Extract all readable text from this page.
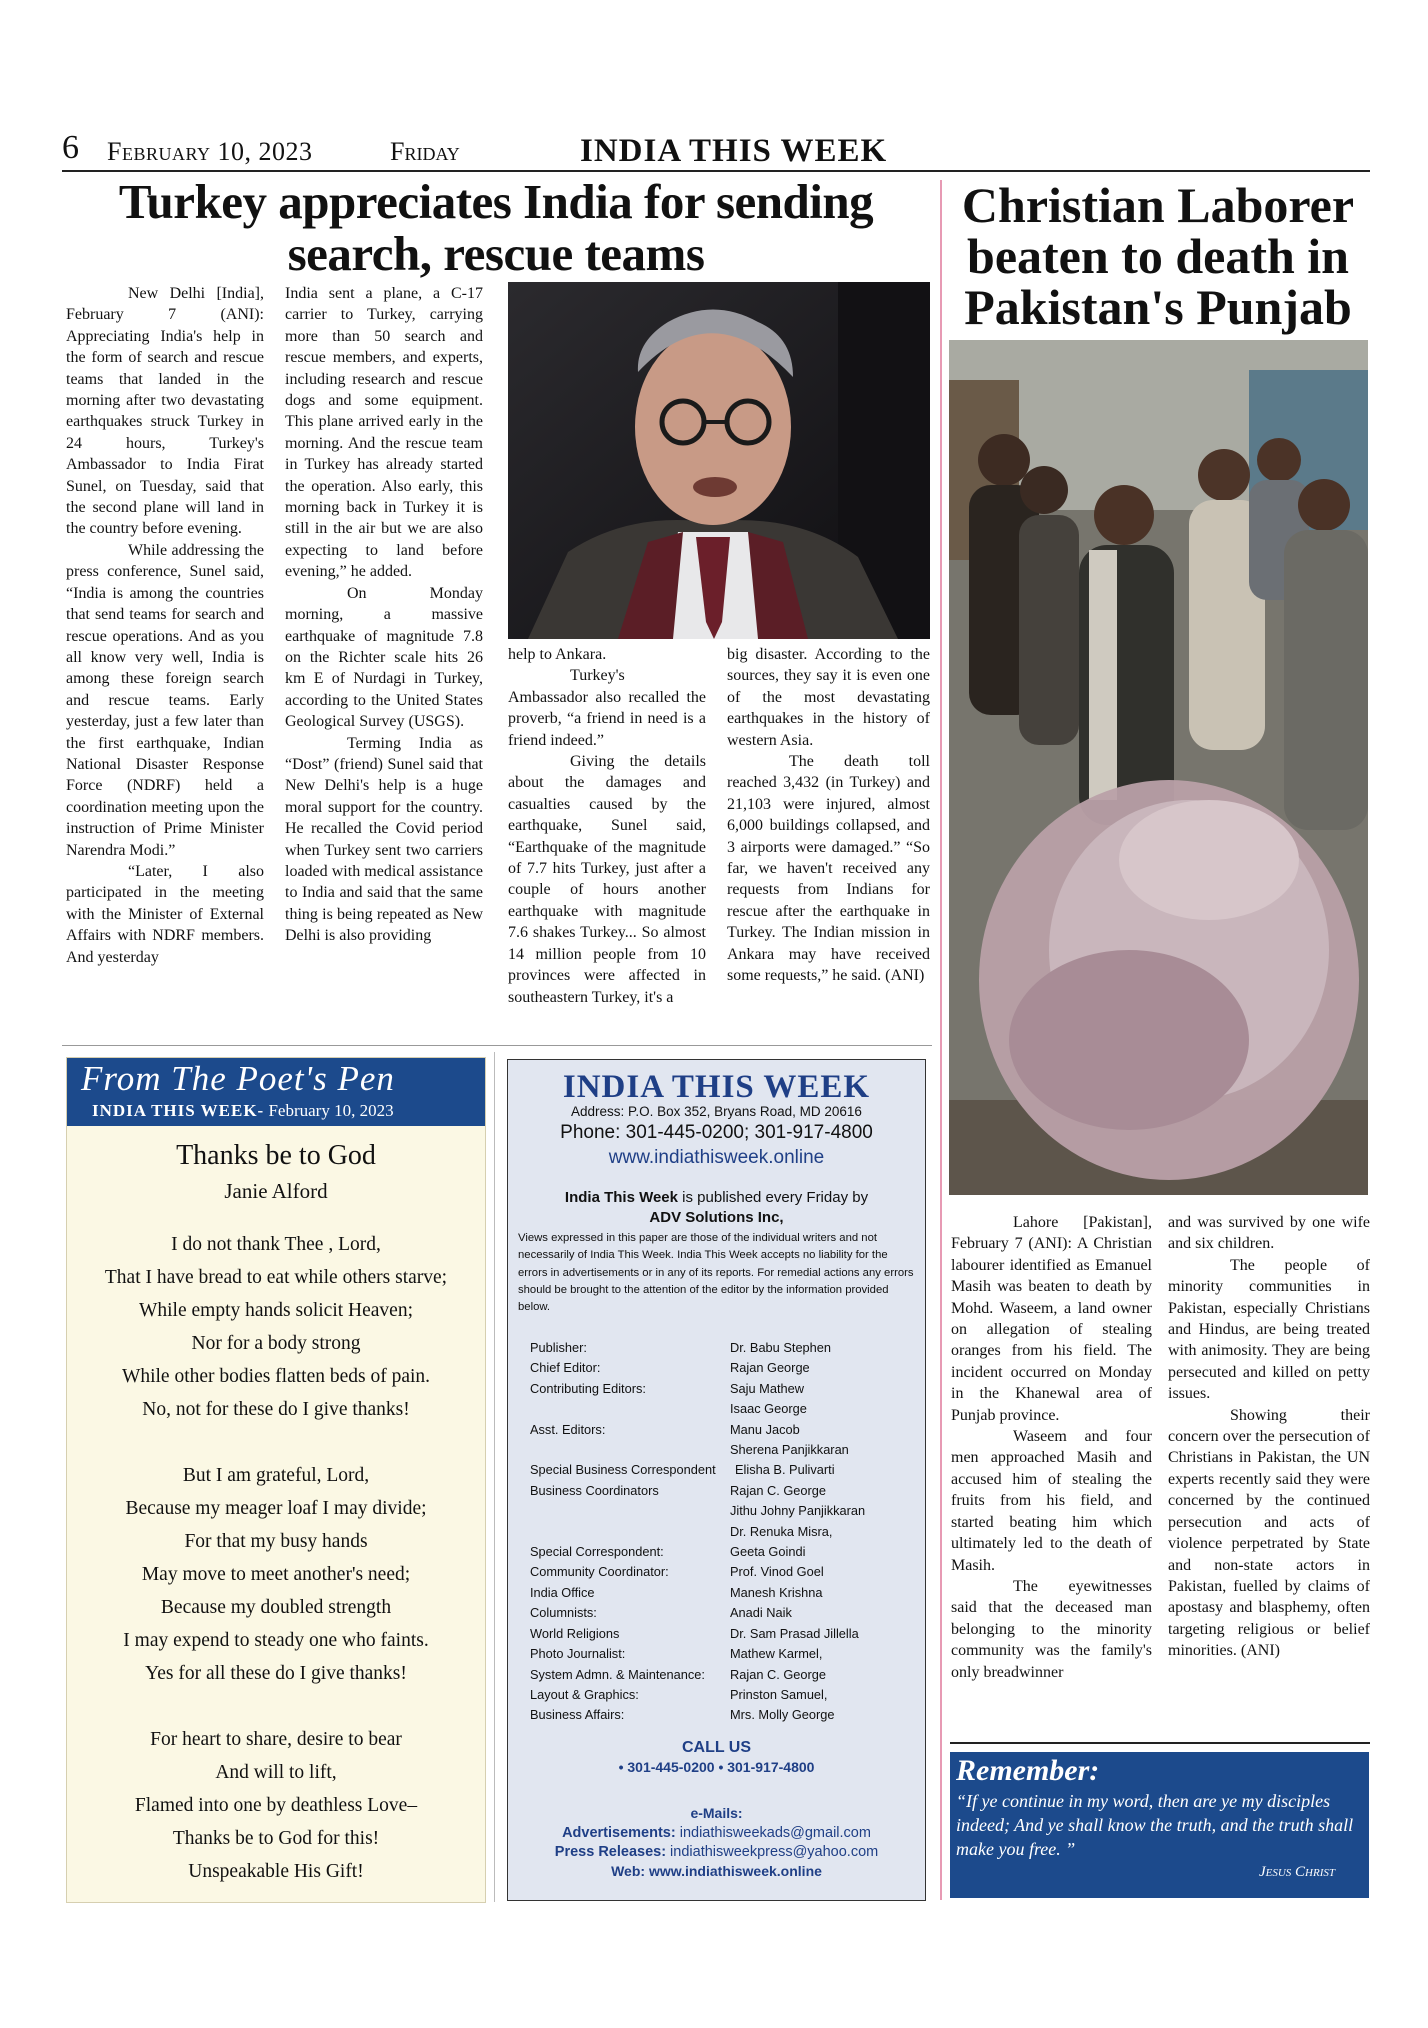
6 February 10, 2023	Friday	INDIA THIS WEEK
Turkey appreciates India for sending
search, rescue teams

New Delhi [India], February 7 (ANI): Appreciating India's help in the form of search and rescue teams that landed in the morning after two devastating earthquakes struck Turkey in 24 hours, Turkey's Ambassador to India Firat Sunel, on Tuesday, said that the second plane will land in the country before evening.

While addressing the press conference, Sunel said, “India is among the countries that send teams for search and rescue operations. And as you all know very well, India is among these foreign search and rescue teams. Early yesterday, just a few later than the first earthquake, Indian National Disaster Response Force (NDRF) held a coordination meeting upon the instruction of Prime Minister Narendra Modi.”

“Later, I also participated in the meeting with the Minister of External Affairs with NDRF members. And yesterday

India sent a plane, a C-17 carrier to Turkey, carrying more than 50 search and rescue members, and experts, including research and rescue dogs and some equipment. This plane arrived early in the morning. And the rescue team in Turkey has already started the operation. Also early, this morning back in Turkey it is still in the air but we are also expecting to land before evening,” he added.

On Monday morning, a massive earthquake of magnitude 7.8 on the Richter scale hits 26 km E of Nurdagi in Turkey, according to the United States Geological Survey (USGS).

Terming India as “Dost” (friend) Sunel said that New Delhi's help is a huge moral support for the country. He recalled the Covid period when Turkey sent two carriers loaded with medical assistance to India and said that the same thing is being repeated as New Delhi is also providing

help to Ankara.

Turkey's Ambassador also recalled the proverb, “a friend in need is a friend indeed.”

Giving the details about the damages and casualties caused by the earthquake, Sunel said, “Earthquake of the magnitude of 7.7 hits Turkey, just after a couple of hours another earthquake with magnitude 7.6 shakes Turkey... So almost 14 million people from 10 provinces were affected in southeastern Turkey, it's a

big disaster. According to the sources, they say it is even one of the most devastating earthquakes in the history of western Asia.

The death toll reached 3,432 (in Turkey) and 21,103 were injured, almost 6,000 buildings collapsed, and 3 airports were damaged.” “So far, we haven't received any requests from Indians for rescue after the earthquake in Turkey. The Indian mission in Ankara may have received some requests,” he said. (ANI)

Christian Laborer
beaten to death in
Pakistan's Punjab

Lahore [Pakistan], February 7 (ANI): A Christian labourer identified as Emanuel Masih was beaten to death by Mohd. Waseem, a land owner on allegation of stealing oranges from his field. The incident occurred on Monday in the Khanewal area of Punjab province.

Waseem and four men approached Masih and accused him of stealing the fruits from his field, and started beating him which ultimately led to the death of Masih.

The eyewitnesses said that the deceased man belonging to the minority community was the family's only breadwinner

and was survived by one wife and six children.

The people of minority communities in Pakistan, especially Christians and Hindus, are being treated with animosity. They are being persecuted and killed on petty issues.

Showing their concern over the persecution of Christians in Pakistan, the UN experts recently said they were concerned by the continued persecution and acts of violence perpetrated by State and non-state actors in Pakistan, fuelled by claims of apostasy and blasphemy, often targeting religious or belief minorities. (ANI)

Remember:
“If ye continue in my word, then are ye my disciples indeed; And ye shall know the truth, and the truth shall make you free. ”
Jesus Christ
From The Poet's Pen
INDIA THIS WEEK- February 10, 2023
Thanks be to God
Janie Alford

I do not thank Thee , Lord,

That I have bread to eat while others starve;

While empty hands solicit Heaven;

Nor for a body strong

While other bodies flatten beds of pain.

No, not for these do I give thanks!

But I am grateful, Lord,

Because my meager loaf I may divide;

For that my busy hands

May move to meet another's need;

Because my doubled strength

I may expend to steady one who faints.

Yes for all these do I give thanks!

For heart to share, desire to bear

And will to lift,

Flamed into one by deathless Love–

Thanks be to God for this!

Unspeakable His Gift!

INDIA THIS WEEK
Address: P.O. Box 352, Bryans Road, MD 20616
Phone: 301-445-0200; 301-917-4800
www.indiathisweek.online
India This Week is published every Friday by
ADV Solutions Inc,
Views expressed in this paper are those of the individual writers and not necessarily of India This Week. India This Week accepts no liability for the errors in advertisements or in any of its reports. For remedial actions any errors should be brought to the attention of the editor by the information provided below.
Publisher:	Dr. Babu Stephen
Chief Editor:	Rajan George
Contributing Editors:	Saju Mathew
Isaac George
Asst. Editors:	Manu Jacob
Sherena Panjikkaran
Special Business Correspondent	Elisha B. Pulivarti
Business Coordinators	Rajan C. George
Jithu Johny Panjikkaran
Dr. Renuka Misra,
Special Correspondent:	Geeta Goindi
Community Coordinator:	Prof. Vinod Goel
India Office	Manesh Krishna
Columnists:	Anadi Naik
World Religions	Dr. Sam Prasad Jillella
Photo Journalist:	Mathew Karmel,
System Admn. & Maintenance:	Rajan C. George
Layout & Graphics:	Prinston Samuel,
Business Affairs:	Mrs. Molly George
CALL US
• 301-445-0200 • 301-917-4800
e-Mails:
Advertisements: indiathisweekads@gmail.com
Press Releases: indiathisweekpress@yahoo.com
Web: www.indiathisweek.online
